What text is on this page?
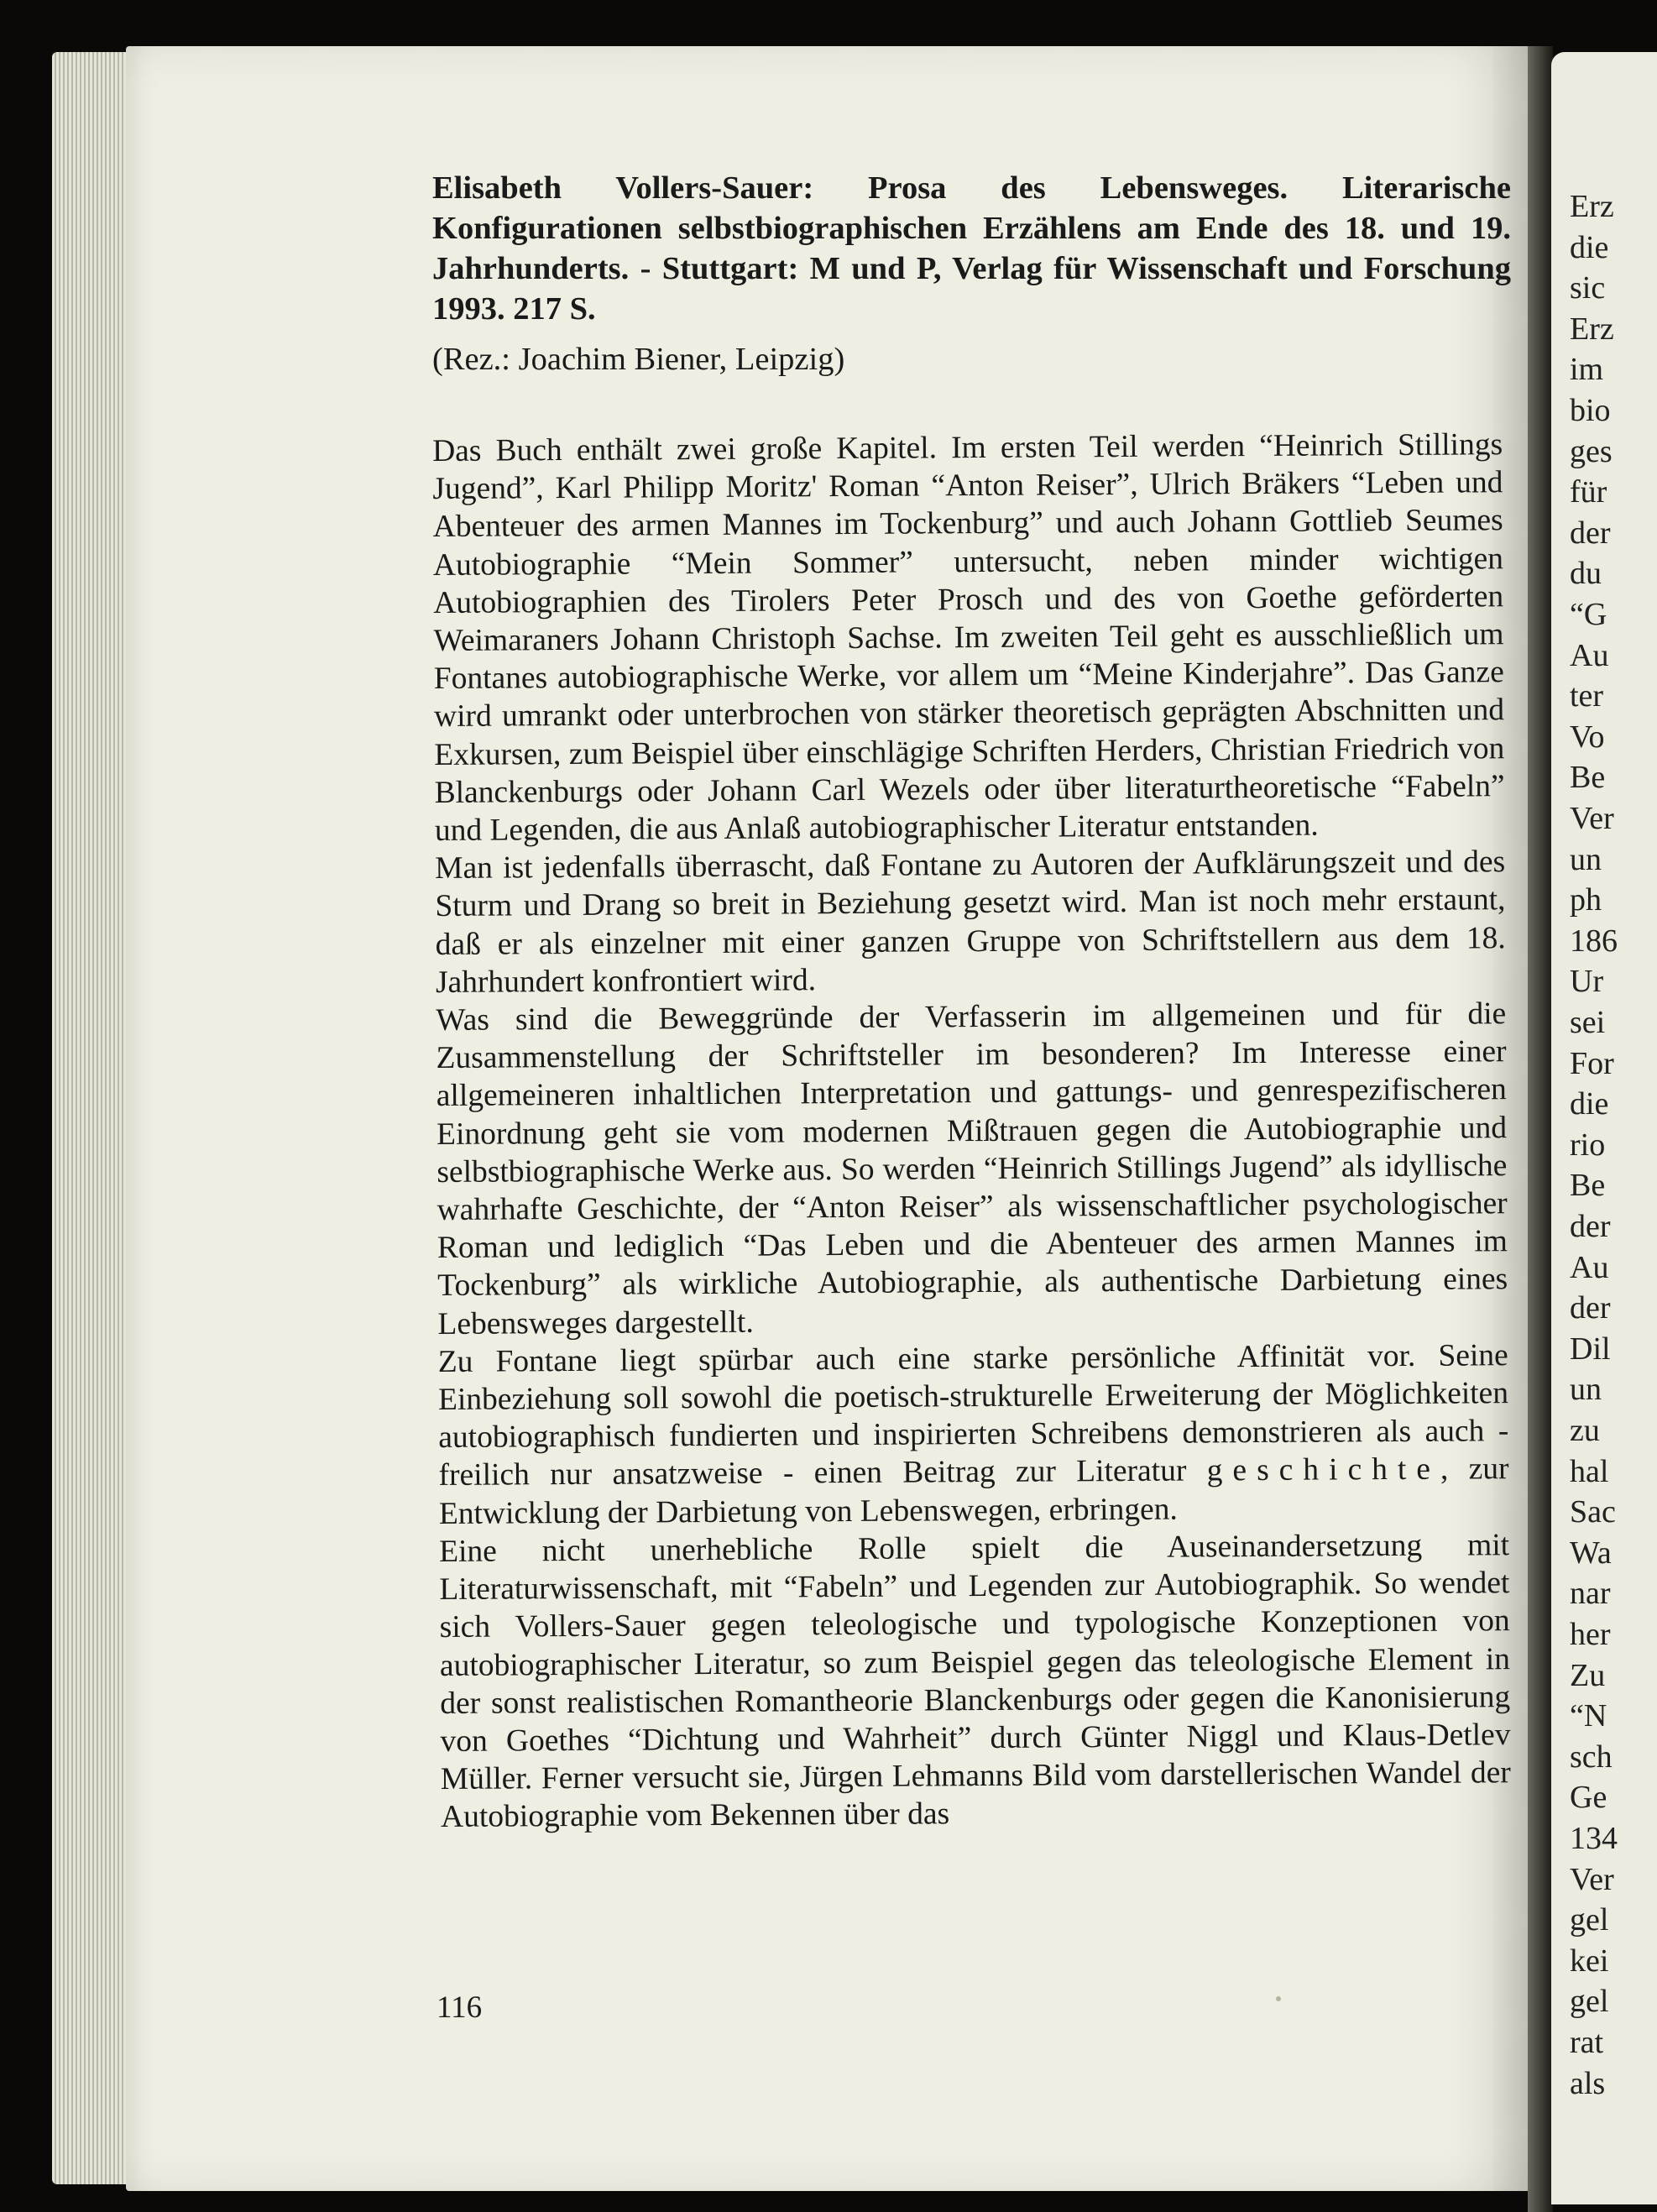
Erz
die
sic
Erz
im
bio
ges
für
der
du
“G
Au
ter
Vo
Be
Ver
un
ph
186
Ur
sei
For
die
rio
Be
der
Au
der
Dil
un
zu
hal
Sac
Wa
nar
her
Zu
“N
sch
Ge
134
Ver
gel
kei
gel
rat
als
Elisabeth Vollers-Sauer: Prosa des Lebensweges. Literarische Konfigurationen selbstbiographischen Erzählens am Ende des 18. und 19. Jahrhunderts. - Stuttgart: M und P, Verlag für Wissenschaft und Forschung 1993. 217 S.
(Rez.: Joachim Biener, Leipzig)

Das Buch enthält zwei große Kapitel. Im ersten Teil werden “Heinrich Stillings Jugend”, Karl Philipp Moritz' Roman “Anton Reiser”, Ulrich Bräkers “Leben und Abenteuer des armen Mannes im Tockenburg” und auch Johann Gottlieb Seumes Autobiographie “Mein Sommer” untersucht, neben minder wichtigen Autobiographien des Tirolers Peter Prosch und des von Goethe geförderten Weimaraners Johann Christoph Sachse. Im zweiten Teil geht es ausschließlich um Fontanes autobiographische Werke, vor allem um “Meine Kinderjahre”. Das Ganze wird umrankt oder unterbrochen von stärker theoretisch geprägten Abschnitten und Exkursen, zum Beispiel über einschlägige Schriften Herders, Christian Friedrich von Blanckenburgs oder Johann Carl Wezels oder über literaturtheoretische “Fabeln” und Legenden, die aus Anlaß autobiographischer Literatur entstanden.

Man ist jedenfalls überrascht, daß Fontane zu Autoren der Aufklärungszeit und des Sturm und Drang so breit in Beziehung gesetzt wird. Man ist noch mehr erstaunt, daß er als einzelner mit einer ganzen Gruppe von Schriftstellern aus dem 18. Jahrhundert konfrontiert wird.

Was sind die Beweggründe der Verfasserin im allgemeinen und für die Zusammenstellung der Schriftsteller im besonderen? Im Interesse einer allgemeineren inhaltlichen Interpretation und gattungs- und genrespezifischeren Einordnung geht sie vom modernen Mißtrauen gegen die Autobiographie und selbstbiographische Werke aus. So werden “Heinrich Stillings Jugend” als idyllische wahrhafte Geschichte, der “Anton Reiser” als wissenschaftlicher psychologischer Roman und lediglich “Das Leben und die Abenteuer des armen Mannes im Tockenburg” als wirkliche Autobiographie, als authentische Darbietung eines Lebensweges dargestellt.

Zu Fontane liegt spürbar auch eine starke persönliche Affinität vor. Seine Einbeziehung soll sowohl die poetisch-strukturelle Erweiterung der Möglichkeiten autobiographisch fundierten und inspirierten Schreibens demonstrieren als auch - freilich nur ansatzweise - einen Beitrag zur Literatur geschichte, zur Entwicklung der Darbietung von Lebenswegen, erbringen.

Eine nicht unerhebliche Rolle spielt die Auseinandersetzung mit Literaturwissenschaft, mit “Fabeln” und Legenden zur Autobiographik. So wendet sich Vollers-Sauer gegen teleologische und typologische Konzeptionen von autobiographischer Literatur, so zum Beispiel gegen das teleologische Element in der sonst realistischen Romantheorie Blanckenburgs oder gegen die Kanonisierung von Goethes “Dichtung und Wahrheit” durch Günter Niggl und Klaus-Detlev Müller. Ferner versucht sie, Jürgen Lehmanns Bild vom darstellerischen Wandel der Autobiographie vom Bekennen über das

116
